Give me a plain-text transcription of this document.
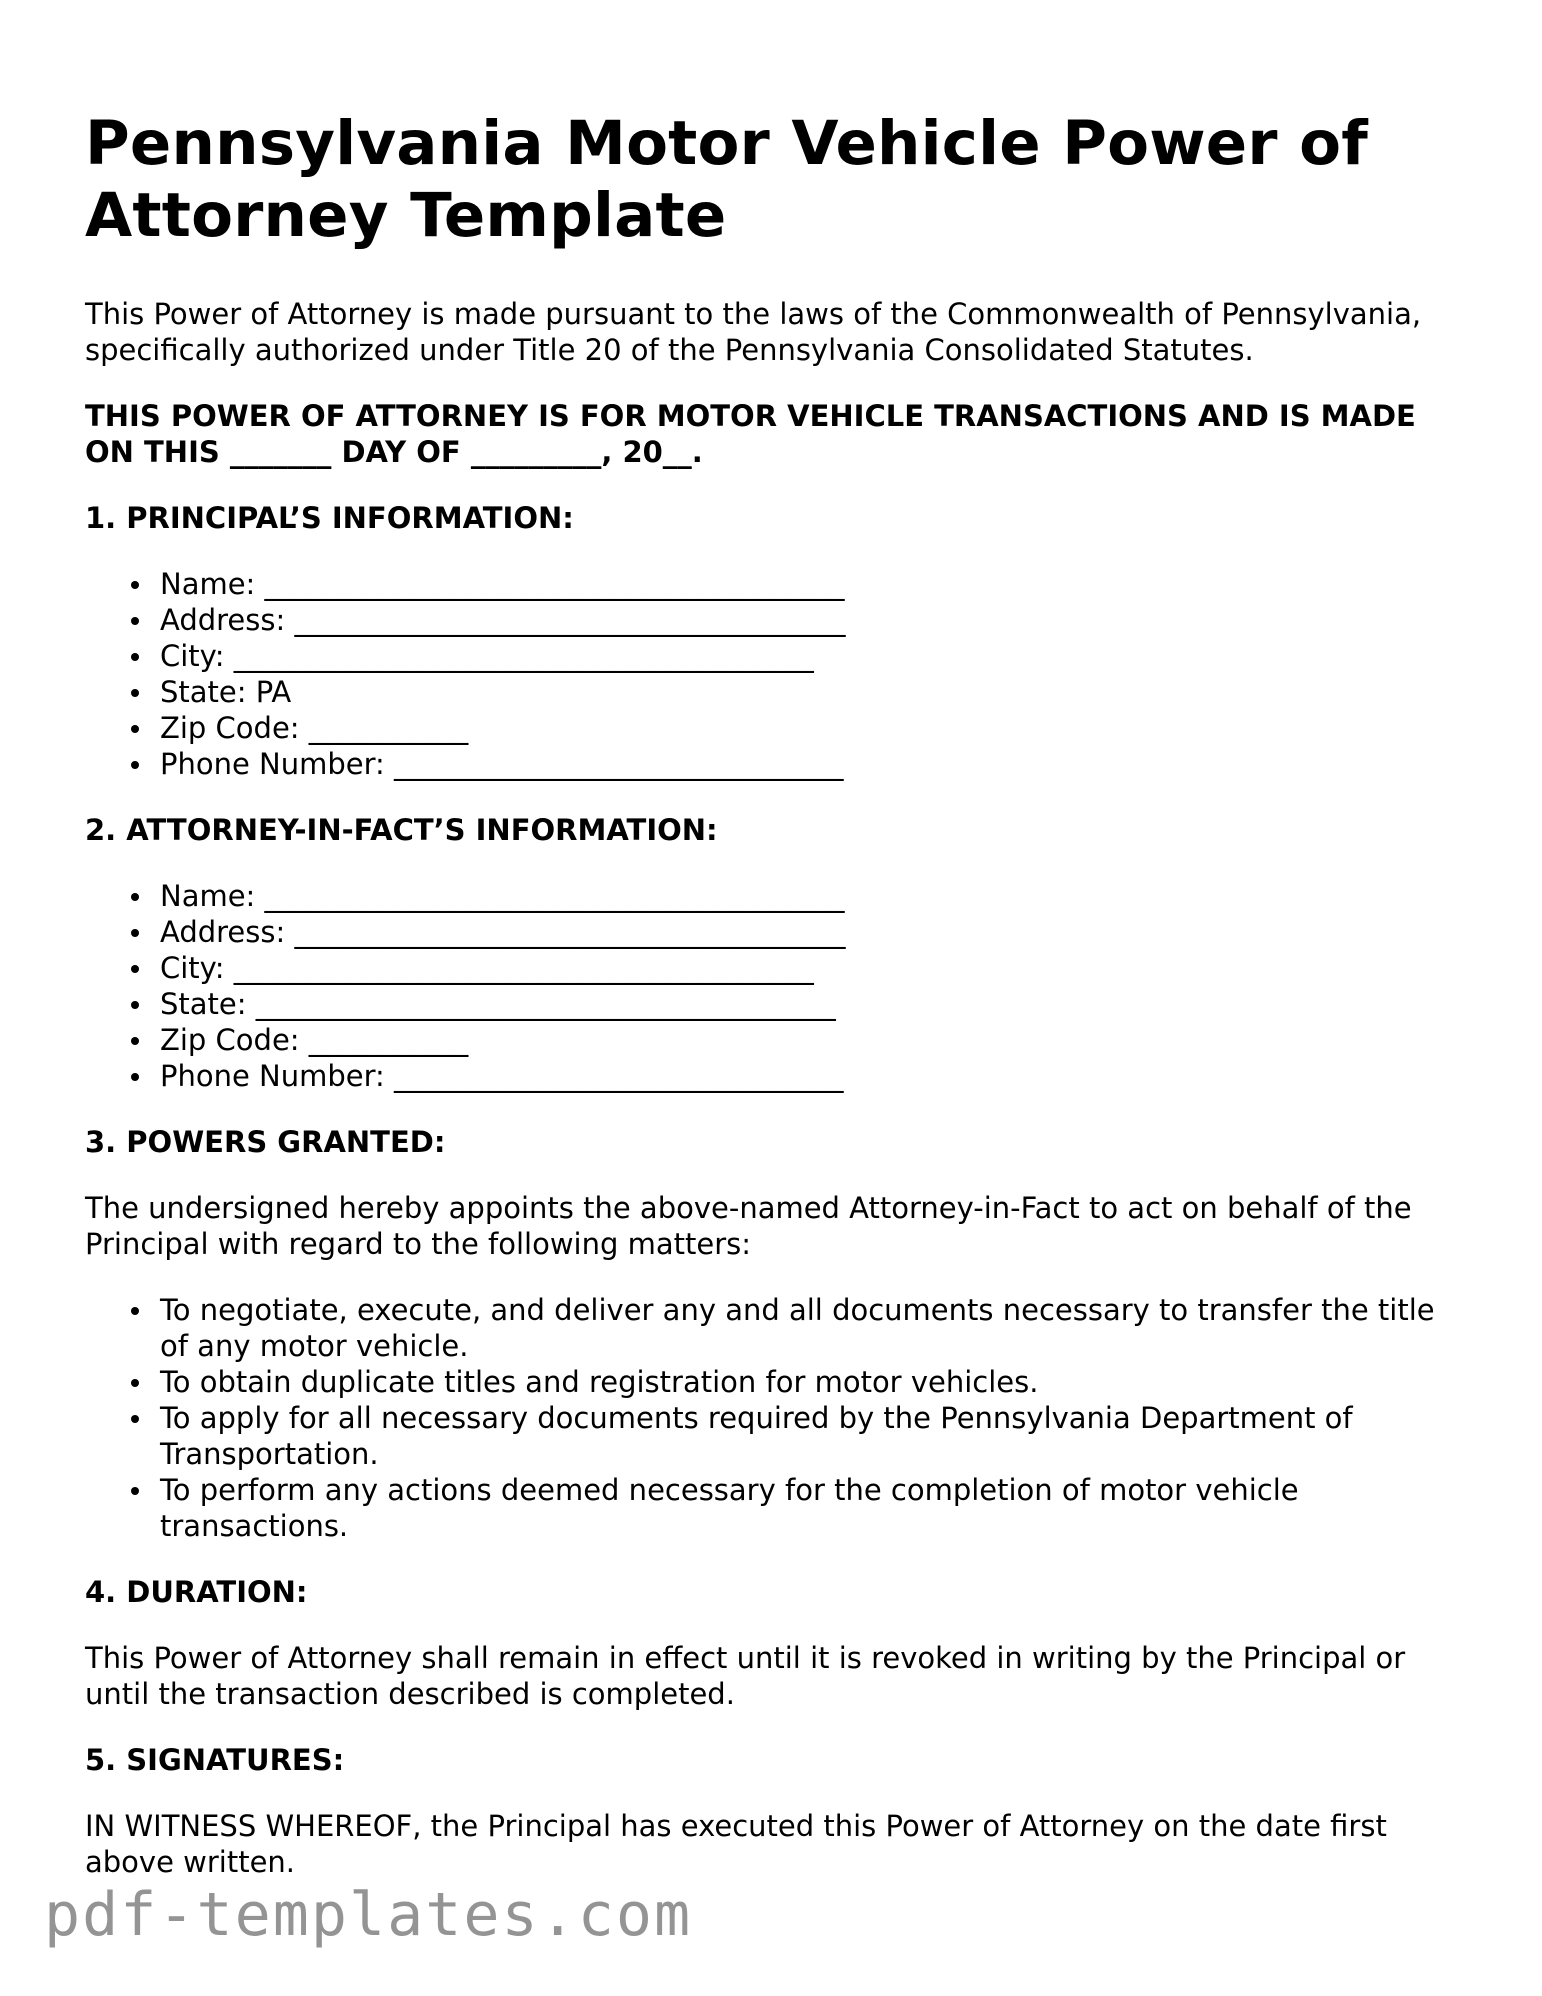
Pennsylvania Motor Vehicle Power of Attorney Template

This Power of Attorney is made pursuant to the laws of the Commonwealth of Pennsylvania, specifically authorized under Title 20 of the Pennsylvania Consolidated Statutes.

THIS POWER OF ATTORNEY IS FOR MOTOR VEHICLE TRANSACTIONS AND IS MADE ON THIS _______ DAY OF _________, 20__.
1. PRINCIPAL’S INFORMATION:
Name: ________________________________________
Address: ______________________________________
City: ________________________________________
State: PA
Zip Code: ___________
Phone Number: _______________________________
2. ATTORNEY-IN-FACT’S INFORMATION:
Name: ________________________________________
Address: ______________________________________
City: ________________________________________
State: ________________________________________
Zip Code: ___________
Phone Number: _______________________________
3. POWERS GRANTED:

The undersigned hereby appoints the above-named Attorney-in-Fact to act on behalf of the Principal with regard to the following matters:

To negotiate, execute, and deliver any and all documents necessary to transfer the title of any motor vehicle.
To obtain duplicate titles and registration for motor vehicles.
To apply for all necessary documents required by the Pennsylvania Department of Transportation.
To perform any actions deemed necessary for the completion of motor vehicle transactions.
4. DURATION:

This Power of Attorney shall remain in effect until it is revoked in writing by the Principal or until the transaction described is completed.

5. SIGNATURES:

IN WITNESS WHEREOF, the Principal has executed this Power of Attorney on the date first above written.

pdf-templates.com
